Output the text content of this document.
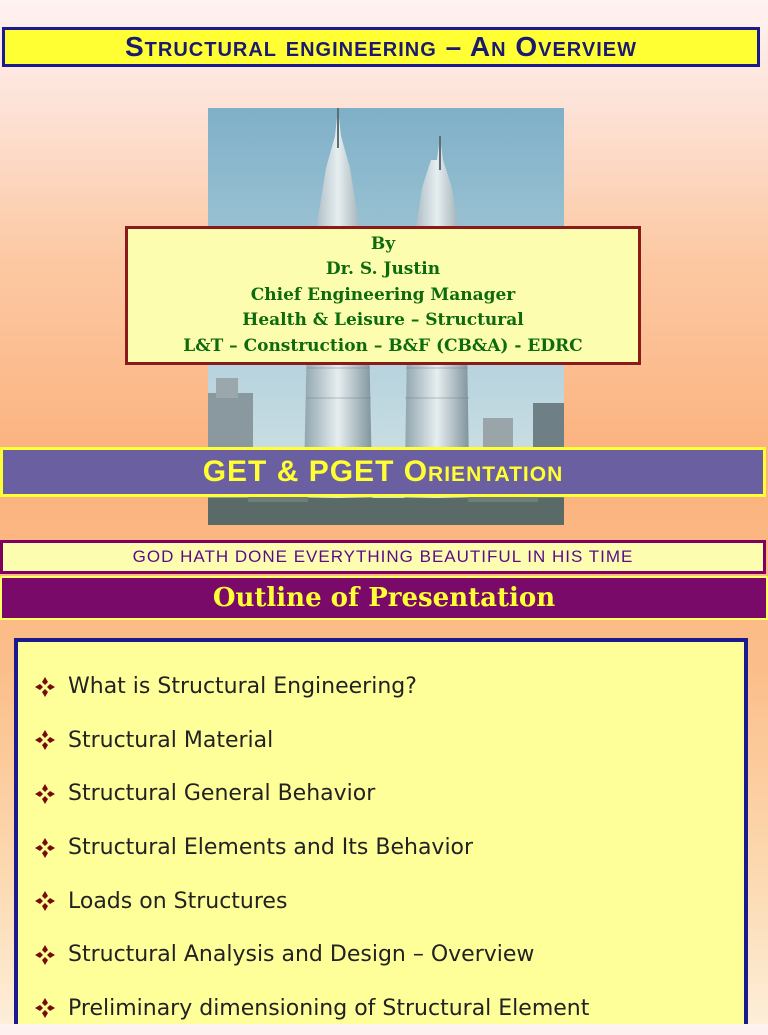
Structural engineering – An Overview
By
Dr. S. Justin
Chief Engineering Manager
Health & Leisure – Structural
L&T – Construction – B&F (CB&A) - EDRC
GET & PGET Orientation
GOD HATH DONE EVERYTHING BEAUTIFUL IN HIS TIME
Outline of Presentation
What is Structural Engineering?
Structural Material
Structural General Behavior
Structural Elements and Its Behavior
Loads on Structures
Structural Analysis and Design – Overview
Preliminary dimensioning of Structural Element
